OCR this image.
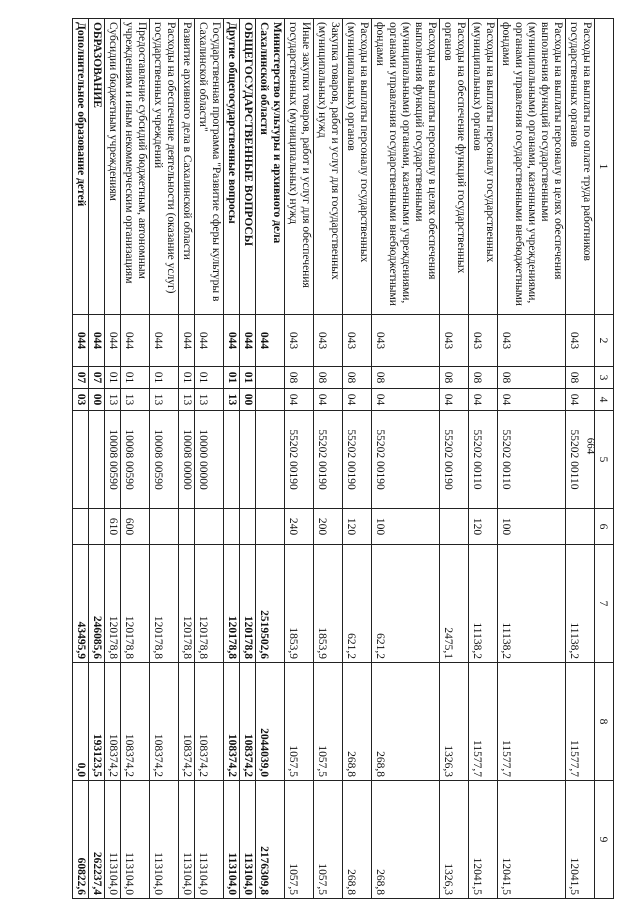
664
1	2	3	4	5	6	7	8	9
Расходы на выплаты по оплате труда работников государственных органов	043	08	04	55202 00110		11138,2	11577,7	12041,5
Расходы на выплаты персоналу в целях обеспечения выполнения функций государственными (муниципальными) органами, казенными учреждениями, органами управления государственными внебюджетными фондами	043	08	04	55202 00110	100	11138,2	11577,7	12041,5
Расходы на выплаты персоналу государственных (муниципальных) органов	043	08	04	55202 00110	120	11138,2	11577,7	12041,5
Расходы на обеспечение функций государственных органов	043	08	04	55202 00190		2475,1	1326,3	1326,3
Расходы на выплаты персоналу в целях обеспечения выполнения функций государственными (муниципальными) органами, казенными учреждениями, органами управления государственными внебюджетными фондами	043	08	04	55202 00190	100	621,2	268,8	268,8
Расходы на выплаты персоналу государственных (муниципальных) органов	043	08	04	55202 00190	120	621,2	268,8	268,8
Закупка товаров, работ и услуг для государственных (муниципальных) нужд	043	08	04	55202 00190	200	1853,9	1057,5	1057,5
Иные закупки товаров, работ и услуг для обеспечения государственных (муниципальных) нужд	043	08	04	55202 00190	240	1853,9	1057,5	1057,5
Министерство культуры и архивного дела Сахалинской области	044					2519502,6	2044039,0	2176309,8
ОБЩЕГОСУДАРСТВЕННЫЕ ВОПРОСЫ	044	01	00			120178,8	108374,2	113104,0
Другие общегосударственные вопросы	044	01	13			120178,8	108374,2	113104,0
Государственная программа "Развитие сферы культуры в Сахалинской области"	044	01	13	10000 00000		120178,8	108374,2	113104,0
Развитие архивного дела в Сахалинской области	044	01	13	10008 00000		120178,8	108374,2	113104,0
Расходы на обеспечение деятельности (оказание услуг) государственных учреждений	044	01	13	10008 00590		120178,8	108374,2	113104,0
Предоставление субсидий бюджетным, автономным учреждениям и иным некоммерческим организациям	044	01	13	10008 00590	600	120178,8	108374,2	113104,0
Субсидии бюджетным учреждениям	044	01	13	10008 00590	610	120178,8	108374,2	113104,0
ОБРАЗОВАНИЕ	044	07	00			246085,6	193123,5	262237,4
Дополнительное образование детей	044	07	03			43495,9	0,0	60822,6
